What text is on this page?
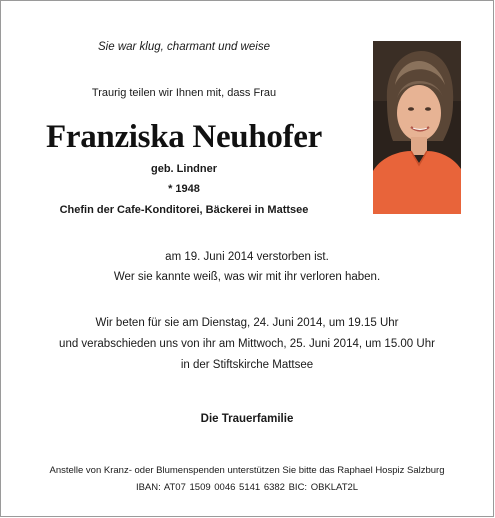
Sie war klug, charmant und weise
Traurig teilen wir Ihnen mit, dass Frau
Franziska Neuhofer
geb. Lindner
* 1948
Chefin der Cafe-Konditorei, Bäckerei in Mattsee
am 19. Juni 2014 verstorben ist.
Wer sie kannte weiß, was wir mit ihr verloren haben.
Wir beten für sie am Dienstag, 24. Juni 2014, um 19.15 Uhr
und verabschieden uns von ihr am Mittwoch, 25. Juni 2014, um 15.00 Uhr
in der Stiftskirche Mattsee
Die Trauerfamilie
Anstelle von Kranz- oder Blumenspenden unterstützen Sie bitte das Raphael Hospiz Salzburg
IBAN: AT07 1509 0046 5141 6382 BIC: OBKLAT2L
